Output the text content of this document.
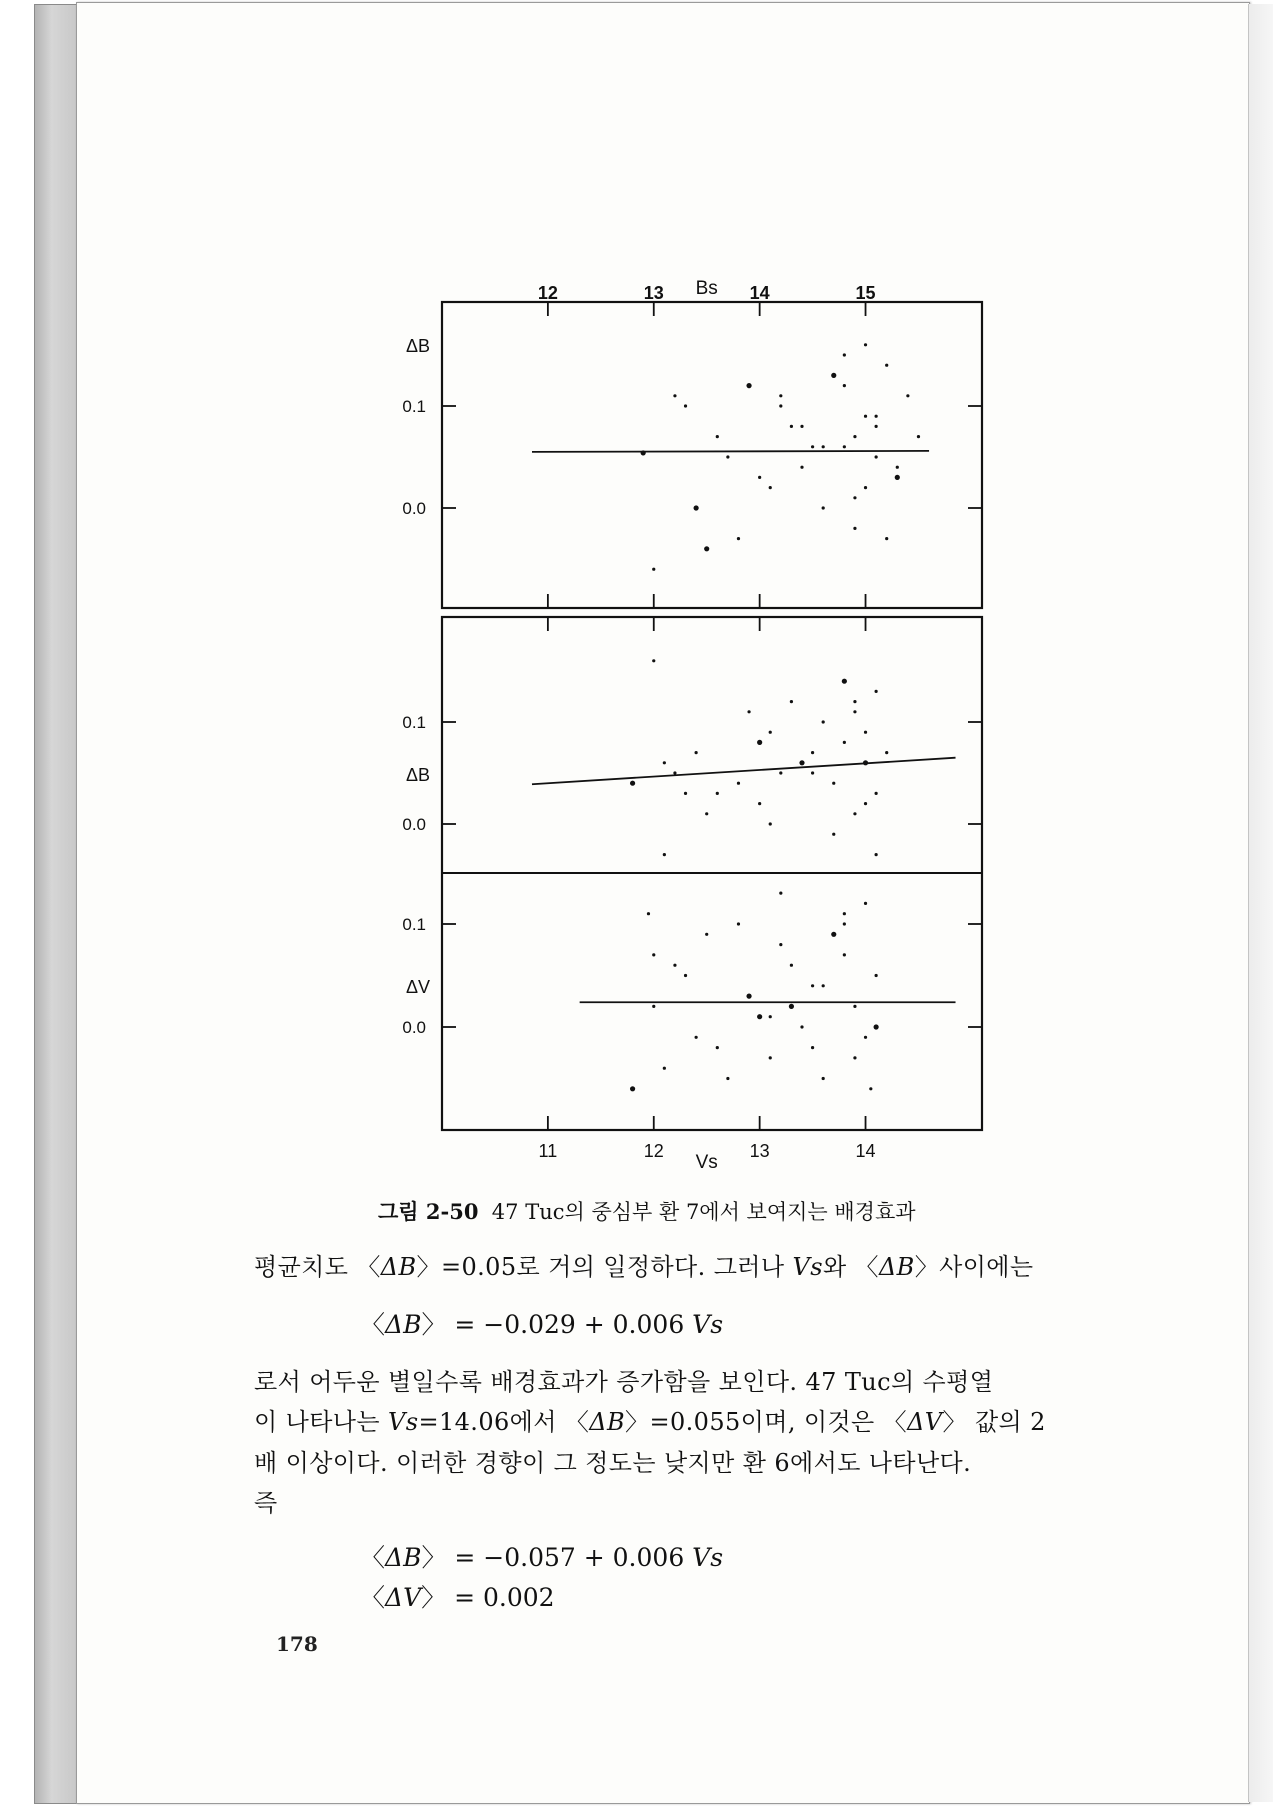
0.1
0.0
ΔB
0.1
0.0
ΔB
0.1
0.0
ΔV
12	13	14	15
Bs
11	12	13	14
Vs
그림 2-50 47 Tuc의 중심부 환 7에서 보여지는 배경효과
평균치도 〈ΔB〉=0.05로 거의 일정하다. 그러나 Vs와 〈ΔB〉사이에는
〈ΔB〉 = −0.029 + 0.006 Vs
로서 어두운 별일수록 배경효과가 증가함을 보인다. 47 Tuc의 수평열
이 나타나는 Vs=14.06에서 〈ΔB〉=0.055이며, 이것은 〈ΔV〉 값의 2
배 이상이다. 이러한 경향이 그 정도는 낮지만 환 6에서도 나타난다.
즉
〈ΔB〉 = −0.057 + 0.006 Vs
〈ΔV〉 = 0.002
178
